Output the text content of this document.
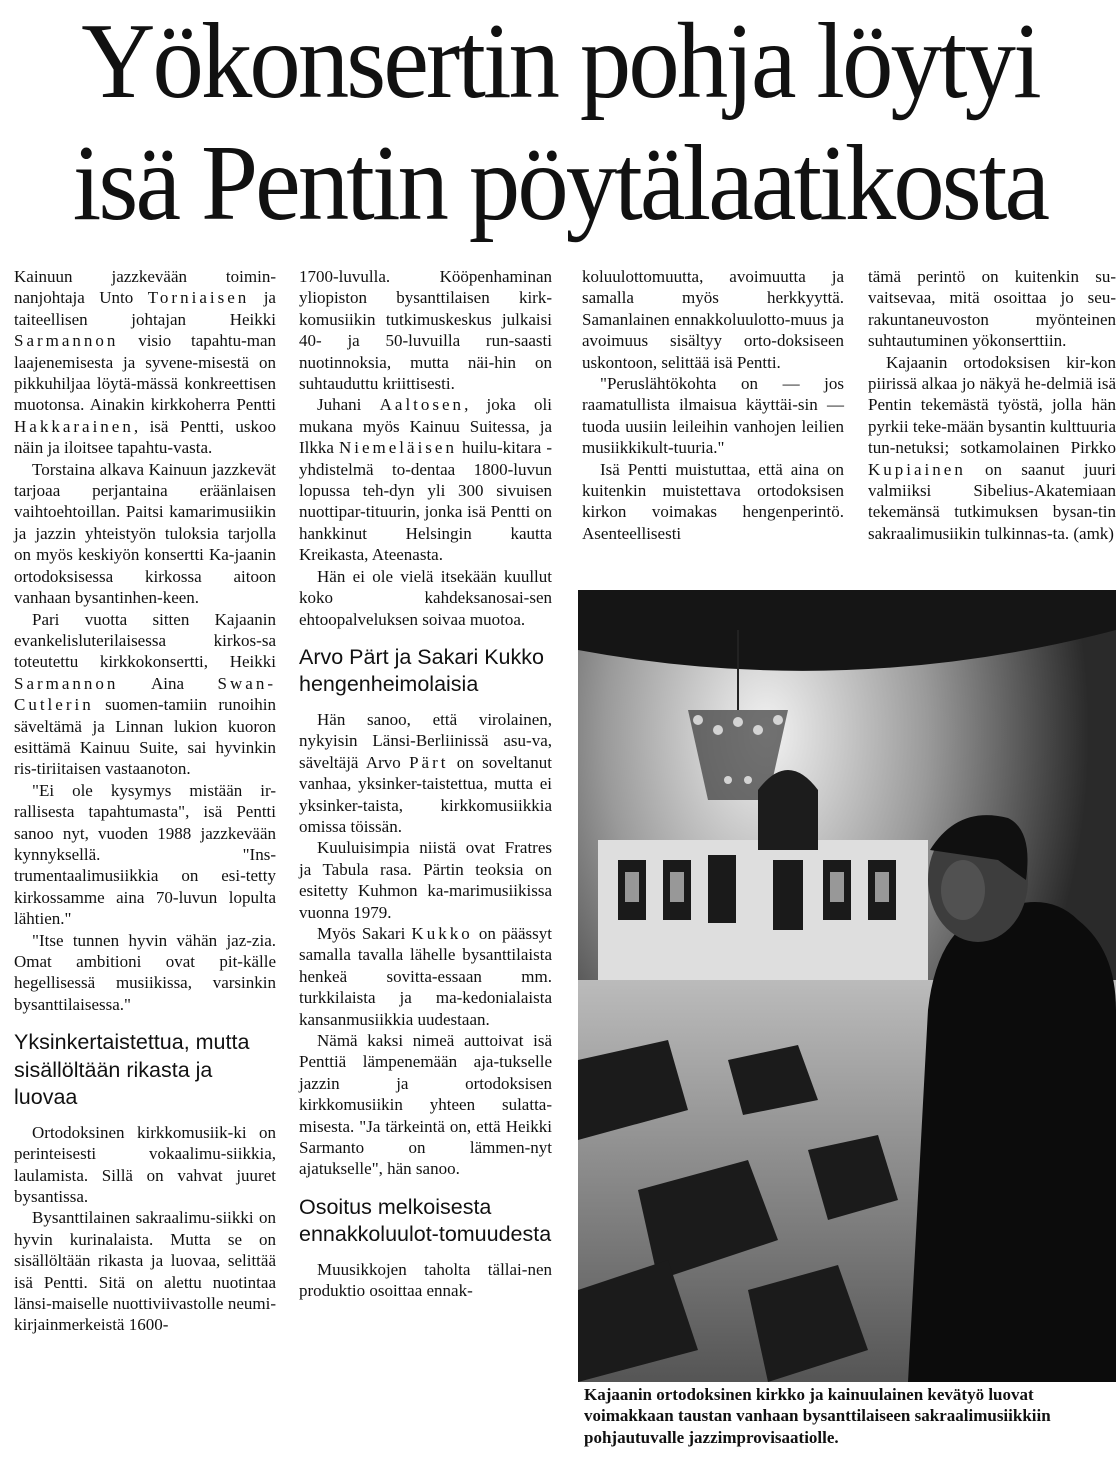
Yökonsertin pohja löytyi
isä Pentin pöytälaatikosta

Kainuun jazzkevään toimin-nanjohtaja Unto Torniaisen ja taiteellisen johtajan Heikki Sarmannon visio tapahtu-man laajenemisesta ja syvene-misestä on pikkuhiljaa löytä-mässä konkreettisen muotonsa. Ainakin kirkkoherra Pentti Hakkarainen, isä Pentti, uskoo näin ja iloitsee tapahtu-vasta.

Torstaina alkava Kainuun jazzkevät tarjoaa perjantaina eräänlaisen vaihtoehtoillan. Paitsi kamarimusiikin ja jazzin yhteistyön tuloksia tarjolla on myös keskiyön konsertti Ka-jaanin ortodoksisessa kirkossa aitoon vanhaan bysantinhen-keen.

Pari vuotta sitten Kajaanin evankelisluterilaisessa kirkos-sa toteutettu kirkkokonsertti, Heikki Sarmannon Aina Swan-Cutlerin suomen-tamiin runoihin säveltämä ja Linnan lukion kuoron esittämä Kainuu Suite, sai hyvinkin ris-tiriitaisen vastaanoton.

"Ei ole kysymys mistään ir-rallisesta tapahtumasta", isä Pentti sanoo nyt, vuoden 1988 jazzkevään kynnyksellä. "Ins-trumentaalimusiikkia on esi-tetty kirkossamme aina 70-luvun lopulta lähtien."

"Itse tunnen hyvin vähän jaz-zia. Omat ambitioni ovat pit-källe hegellisessä musiikissa, varsinkin bysanttilaisessa."

Yksinkertaistettua, mutta sisällöltään rikasta ja luovaa

Ortodoksinen kirkkomusiik-ki on perinteisesti vokaalimu-siikkia, laulamista. Sillä on vahvat juuret bysantissa.

Bysanttilainen sakraalimu-siikki on hyvin kurinalaista. Mutta se on sisällöltään rikasta ja luovaa, selittää isä Pentti. Sitä on alettu nuotintaa länsi-maiselle nuottiviivastolle neumi-kirjainmerkeistä 1600-

1700-luvulla. Kööpenhaminan yliopiston bysanttilaisen kirk-komusiikin tutkimuskeskus julkaisi 40- ja 50-luvuilla run-saasti nuotinnoksia, mutta näi-hin on suhtauduttu kriittisesti.

Juhani Aaltosen, joka oli mukana myös Kainuu Suitessa, ja Ilkka Niemeläisen huilu-kitara -yhdistelmä to-dentaa 1800-luvun lopussa teh-dyn yli 300 sivuisen nuottipar-tituurin, jonka isä Pentti on hankkinut Helsingin kautta Kreikasta, Ateenasta.

Hän ei ole vielä itsekään kuullut koko kahdeksanosai-sen ehtoopalveluksen soivaa muotoa.

Arvo Pärt ja Sakari Kukko hengenheimolaisia

Hän sanoo, että virolainen, nykyisin Länsi-Berliinissä asu-va, säveltäjä Arvo Pärt on soveltanut vanhaa, yksinker-taistettua, mutta ei yksinker-taista, kirkkomusiikkia omissa töissän.

Kuuluisimpia niistä ovat Fratres ja Tabula rasa. Pärtin teoksia on esitetty Kuhmon ka-marimusiikissa vuonna 1979.

Myös Sakari Kukko on päässyt samalla tavalla lähelle bysanttilaista henkeä sovitta-essaan mm. turkkilaista ja ma-kedonialaista kansanmusiikkia uudestaan.

Nämä kaksi nimeä auttoivat isä Penttiä lämpenemään aja-tukselle jazzin ja ortodoksisen kirkkomusiikin yhteen sulatta-misesta. "Ja tärkeintä on, että Heikki Sarmanto on lämmen-nyt ajatukselle", hän sanoo.

Osoitus melkoisesta ennakkoluulot-tomuudesta

Muusikkojen taholta tällai-nen produktio osoittaa ennak-

koluulottomuutta, avoimuutta ja samalla myös herkkyyttä. Samanlainen ennakkoluulotto-muus ja avoimuus sisältyy orto-doksiseen uskontoon, selittää isä Pentti.

"Peruslähtökohta on — jos raamatullista ilmaisua käyttäi-sin — tuoda uusiin leileihin vanhojen leilien musiikkikult-tuuria."

Isä Pentti muistuttaa, että aina on kuitenkin muistettava ortodoksisen kirkon voimakas hengenperintö. Asenteellisesti

tämä perintö on kuitenkin su-vaitsevaa, mitä osoittaa jo seu-rakuntaneuvoston myönteinen suhtautuminen yökonserttiin.

Kajaanin ortodoksisen kir-kon piirissä alkaa jo näkyä he-delmiä isä Pentin tekemästä työstä, jolla hän pyrkii teke-mään bysantin kulttuuria tun-netuksi; sotkamolainen Pirkko Kupiainen on saanut juuri valmiiksi Sibelius-Akatemiaan tekemänsä tutkimuksen bysan-tin sakraalimusiikin tulkinnas-ta. (amk)

Kajaanin ortodoksinen kirkko ja kainuulainen kevätyö luovat voimakkaan taustan vanhaan bysanttilaiseen sakraalimusiikkiin pohjautuvalle jazzimprovisaatiolle.
